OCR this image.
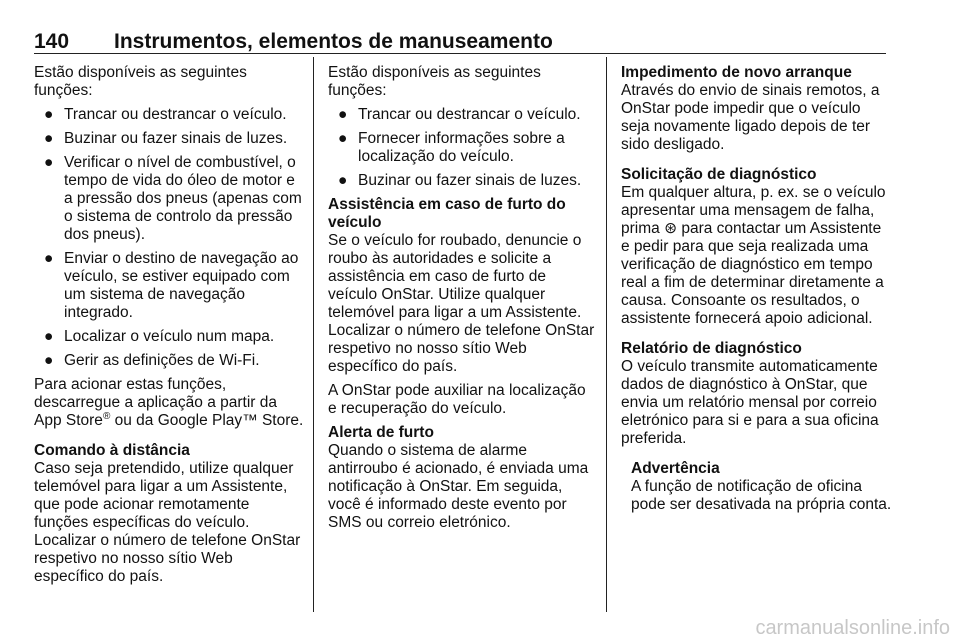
140 Instrumentos, elementos de manuseamento

Estão disponíveis as seguintes funções:

● Trancar ou destrancar o veículo.
● Buzinar ou fazer sinais de luzes.
● Verificar o nível de combustível, o tempo de vida do óleo de motor e a pressão dos pneus (apenas com o sistema de controlo da pressão dos pneus).
● Enviar o destino de navegação ao veículo, se estiver equipado com um sistema de navegação integrado.
● Localizar o veículo num mapa.
● Gerir as definições de Wi-Fi.

Para acionar estas funções, descarregue a aplicação a partir da App Store® ou da Google Play™ Store.

Comando à distância

Caso seja pretendido, utilize qualquer telemóvel para ligar a um Assistente, que pode acionar remotamente funções específicas do veículo. Localizar o número de telefone OnStar respetivo no nosso sítio Web específico do país.

Estão disponíveis as seguintes funções:

● Trancar ou destrancar o veículo.
● Fornecer informações sobre a localização do veículo.
● Buzinar ou fazer sinais de luzes.

Assistência em caso de furto do veículo

Se o veículo for roubado, denuncie o roubo às autoridades e solicite a assistência em caso de furto de veículo OnStar. Utilize qualquer telemóvel para ligar a um Assistente. Localizar o número de telefone OnStar respetivo no nosso sítio Web específico do país.

A OnStar pode auxiliar na localização e recuperação do veículo.

Alerta de furto

Quando o sistema de alarme antirroubo é acionado, é enviada uma notificação à OnStar. Em seguida, você é informado deste evento por SMS ou correio eletrónico.

Impedimento de novo arranque

Através do envio de sinais remotos, a OnStar pode impedir que o veículo seja novamente ligado depois de ter sido desligado.

Solicitação de diagnóstico

Em qualquer altura, p. ex. se o veículo apresentar uma mensagem de falha, prima ⊛ para contactar um Assistente e pedir para que seja realizada uma verificação de diagnóstico em tempo real a fim de determinar diretamente a causa. Consoante os resultados, o assistente fornecerá apoio adicional.

Relatório de diagnóstico

O veículo transmite automaticamente dados de diagnóstico à OnStar, que envia um relatório mensal por correio eletrónico para si e para a sua oficina preferida.

Advertência

A função de notificação de oficina pode ser desativada na própria conta.

carmanualsonline.info
